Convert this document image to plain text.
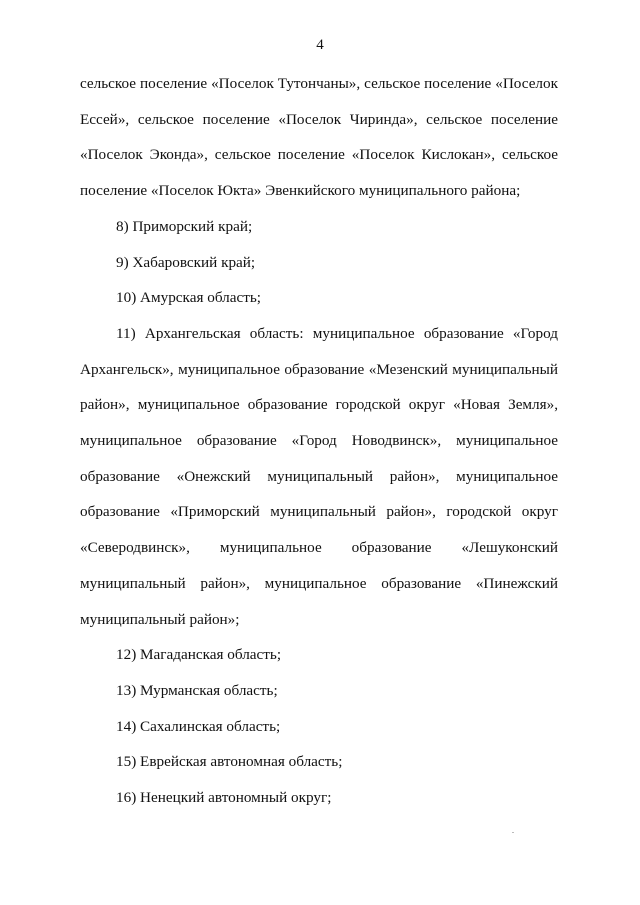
4

сельское поселение «Поселок Тутончаны», сельское поселение «Поселок Ессей», сельское поселение «Поселок Чиринда», сельское поселение «Поселок Эконда», сельское поселение «Поселок Кислокан», сельское поселение «Поселок Юкта» Эвенкийского муниципального района;

8) Приморский край;

9) Хабаровский край;

10) Амурская область;

11) Архангельская область: муниципальное образование «Город Архангельск», муниципальное образование «Мезенский муниципальный район», муниципальное образование городской округ «Новая Земля», муниципальное образование «Город Новодвинск», муниципальное образование «Онежский муниципальный район», муниципальное образование «Приморский муниципальный район», городской округ «Северодвинск», муниципальное образование «Лешуконский муниципальный район», муниципальное образование «Пинежский муниципальный район»;

12) Магаданская область;

13) Мурманская область;

14) Сахалинская область;

15) Еврейская автономная область;

16) Ненецкий автономный округ;
